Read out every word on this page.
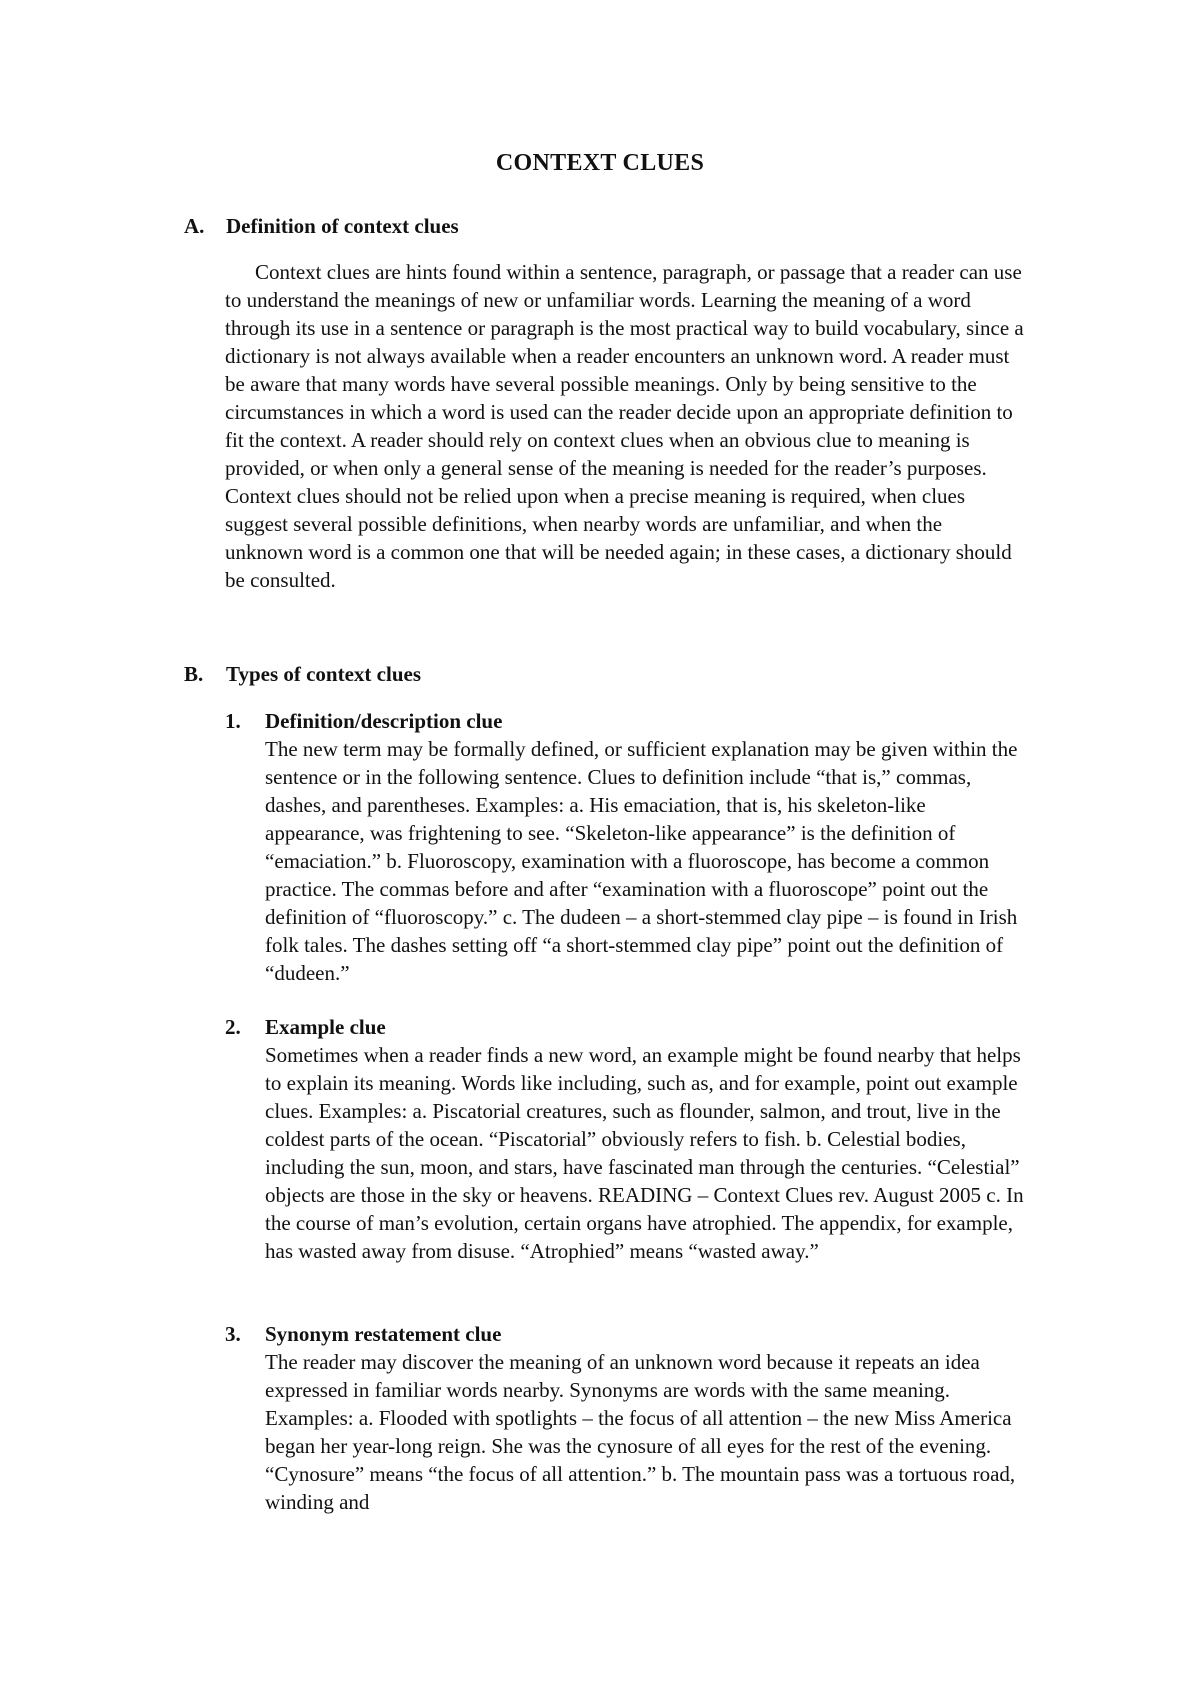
CONTEXT CLUES
A. Definition of context clues

Context clues are hints found within a sentence, paragraph, or passage that a reader can use to understand the meanings of new or unfamiliar words. Learning the meaning of a word through its use in a sentence or paragraph is the most practical way to build vocabulary, since a dictionary is not always available when a reader encounters an unknown word. A reader must be aware that many words have several possible meanings. Only by being sensitive to the circumstances in which a word is used can the reader decide upon an appropriate definition to fit the context. A reader should rely on context clues when an obvious clue to meaning is provided, or when only a general sense of the meaning is needed for the reader’s purposes. Context clues should not be relied upon when a precise meaning is required, when clues suggest several possible definitions, when nearby words are unfamiliar, and when the unknown word is a common one that will be needed again; in these cases, a dictionary should be consulted.

B. Types of context clues
1. Definition/description clue
The new term may be formally defined, or sufficient explanation may be given within the sentence or in the following sentence. Clues to definition include “that is,” commas, dashes, and parentheses. Examples: a. His emaciation, that is, his skeleton-like appearance, was frightening to see. “Skeleton-like appearance” is the definition of “emaciation.” b. Fluoroscopy, examination with a fluoroscope, has become a common practice. The commas before and after “examination with a fluoroscope” point out the definition of “fluoroscopy.” c. The dudeen – a short-stemmed clay pipe – is found in Irish folk tales. The dashes setting off “a short-stemmed clay pipe” point out the definition of “dudeen.”
2. Example clue
Sometimes when a reader finds a new word, an example might be found nearby that helps to explain its meaning. Words like including, such as, and for example, point out example clues. Examples: a. Piscatorial creatures, such as flounder, salmon, and trout, live in the coldest parts of the ocean. “Piscatorial” obviously refers to fish. b. Celestial bodies, including the sun, moon, and stars, have fascinated man through the centuries. “Celestial” objects are those in the sky or heavens. READING – Context Clues rev. August 2005 c. In the course of man’s evolution, certain organs have atrophied. The appendix, for example, has wasted away from disuse. “Atrophied” means “wasted away.”
3. Synonym restatement clue
The reader may discover the meaning of an unknown word because it repeats an idea expressed in familiar words nearby. Synonyms are words with the same meaning. Examples: a. Flooded with spotlights – the focus of all attention – the new Miss America began her year-long reign. She was the cynosure of all eyes for the rest of the evening. “Cynosure” means “the focus of all attention.” b. The mountain pass was a tortuous road, winding and
